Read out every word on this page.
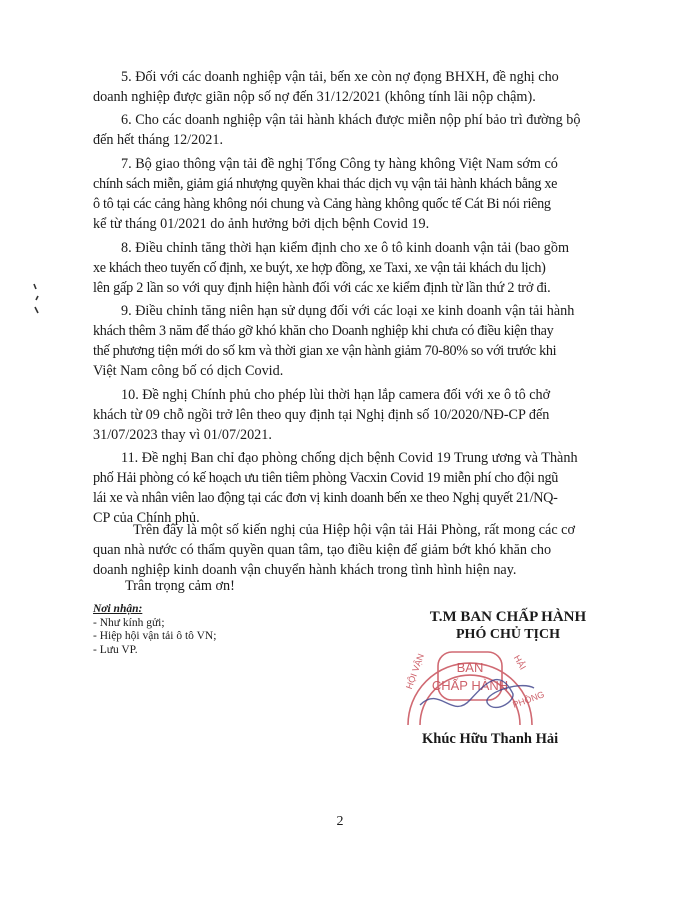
5. Đối với các doanh nghiệp vận tải, bến xe còn nợ đọng BHXH, đề nghị cho
doanh nghiệp được giãn nộp số nợ đến 31/12/2021 (không tính lãi nộp chậm).
6. Cho các doanh nghiệp vận tải hành khách được miễn nộp phí bảo trì đường bộ
đến hết tháng 12/2021.
7. Bộ giao thông vận tải đề nghị Tổng Công ty hàng không Việt Nam sớm có
chính sách miễn, giảm giá nhượng quyền khai thác dịch vụ vận tải hành khách bằng xe
ô tô tại các cảng hàng không nói chung và Cảng hàng không quốc tế Cát Bi nói riêng
kể từ tháng 01/2021 do ảnh hưởng bởi dịch bệnh Covid 19.
8. Điều chỉnh tăng thời hạn kiểm định cho xe ô tô kinh doanh vận tải (bao gồm
xe khách theo tuyến cố định, xe buýt, xe hợp đồng, xe Taxi, xe vận tải khách du lịch)
lên gấp 2 lần so với quy định hiện hành đối với các xe kiểm định từ lần thứ 2 trở đi.
9. Điều chỉnh tăng niên hạn sử dụng đối với các loại xe kinh doanh vận tải hành
khách thêm 3 năm để tháo gỡ khó khăn cho Doanh nghiệp khi chưa có điều kiện thay
thế phương tiện mới do số km và thời gian xe vận hành giảm 70-80% so với trước khi
Việt Nam công bố có dịch Covid.
10. Đề nghị Chính phủ cho phép lùi thời hạn lắp camera đối với xe ô tô chở
khách từ 09 chỗ ngồi trở lên theo quy định tại Nghị định số 10/2020/NĐ-CP đến
31/07/2023 thay vì 01/07/2021.
11. Đề nghị Ban chỉ đạo phòng chống dịch bệnh Covid 19 Trung ương và Thành
phố Hải phòng có kế hoạch ưu tiên tiêm phòng Vacxin Covid 19 miễn phí cho đội ngũ
lái xe và nhân viên lao động tại các đơn vị kinh doanh bến xe theo Nghị quyết 21/NQ-
CP của Chính phủ.
Trên đây là một số kiến nghị của Hiệp hội vận tải Hải Phòng, rất mong các cơ
quan nhà nước có thẩm quyền quan tâm, tạo điều kiện để giảm bớt khó khăn cho
doanh nghiệp kinh doanh vận chuyển hành khách trong tình hình hiện nay.
Trân trọng cảm ơn!
Nơi nhận:
- Như kính gửi;
- Hiệp hội vận tải ô tô VN;
- Lưu VP.
BAN
CHẤP HÀNH
HỘI VẬN	HẢI
PHÒNG
T.M BAN CHẤP HÀNH
PHÓ CHỦ TỊCH
Khúc Hữu Thanh Hải
2
